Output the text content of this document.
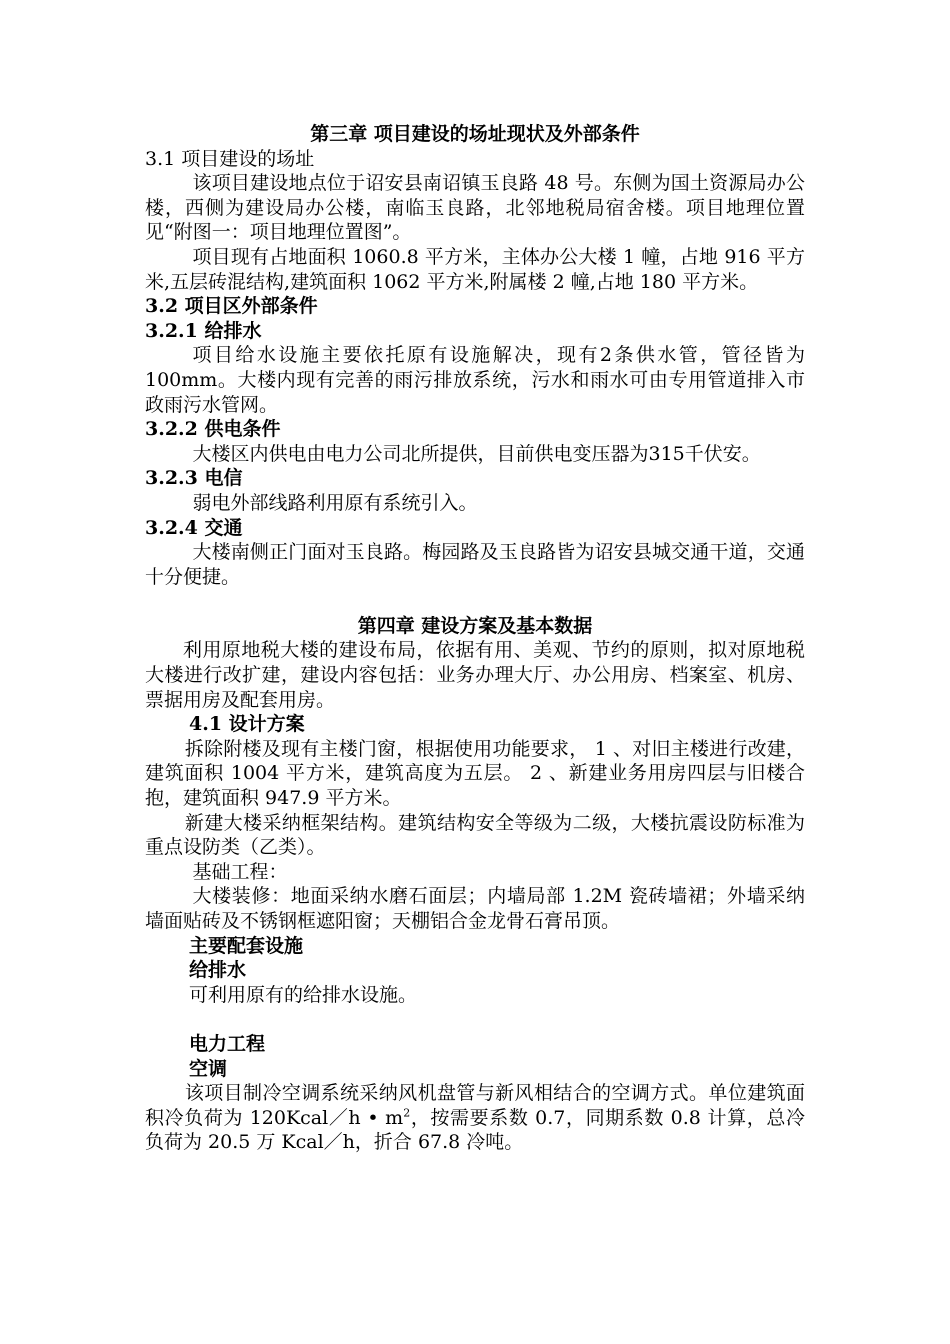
第三章 项目建设的场址现状及外部条件

3.1 项目建设的场址

该项目建设地点位于诏安县南诏镇玉良路 48 号。东侧为国土资源局办公楼，西侧为建设局办公楼，南临玉良路，北邻地税局宿舍楼。项目地理位置见“附图一：项目地理位置图”。

项目现有占地面积 1060.8 平方米，主体办公大楼 1 幢，占地 916 平方米,五层砖混结构,建筑面积 1062 平方米,附属楼 2 幢,占地 180 平方米。

3.2 项目区外部条件

3.2.1 给排水

项目给水设施主要依托原有设施解决，现有2条供水管，管径皆为100mm。大楼内现有完善的雨污排放系统，污水和雨水可由专用管道排入市政雨污水管网。

3.2.2 供电条件

大楼区内供电由电力公司北所提供，目前供电变压器为315千伏安。

3.2.3 电信

弱电外部线路利用原有系统引入。

3.2.4 交通

大楼南侧正门面对玉良路。梅园路及玉良路皆为诏安县城交通干道，交通十分便捷。

第四章 建设方案及基本数据

利用原地税大楼的建设布局，依据有用、美观、节约的原则，拟对原地税大楼进行改扩建，建设内容包括：业务办理大厅、办公用房、档案室、机房、票据用房及配套用房。

4.1 设计方案

拆除附楼及现有主楼门窗，根据使用功能要求， 1 、对旧主楼进行改建，建筑面积 1004 平方米，建筑高度为五层。 2 、新建业务用房四层与旧楼合抱，建筑面积 947.9 平方米。

新建大楼采纳框架结构。建筑结构安全等级为二级，大楼抗震设防标准为重点设防类（乙类）。

基础工程：

大楼装修：地面采纳水磨石面层；内墙局部 1.2M 瓷砖墙裙；外墙采纳墙面贴砖及不锈钢框遮阳窗；天棚铝合金龙骨石膏吊顶。

主要配套设施

给排水

可利用原有的给排水设施。

电力工程

空调

该项目制冷空调系统采纳风机盘管与新风相结合的空调方式。单位建筑面积冷负荷为 120Kcal／h • $m^2$，按需要系数 0.7，同期系数 0.8 计算，总冷负荷为 20.5 万 Kcal／h，折合 67.8 冷吨。
